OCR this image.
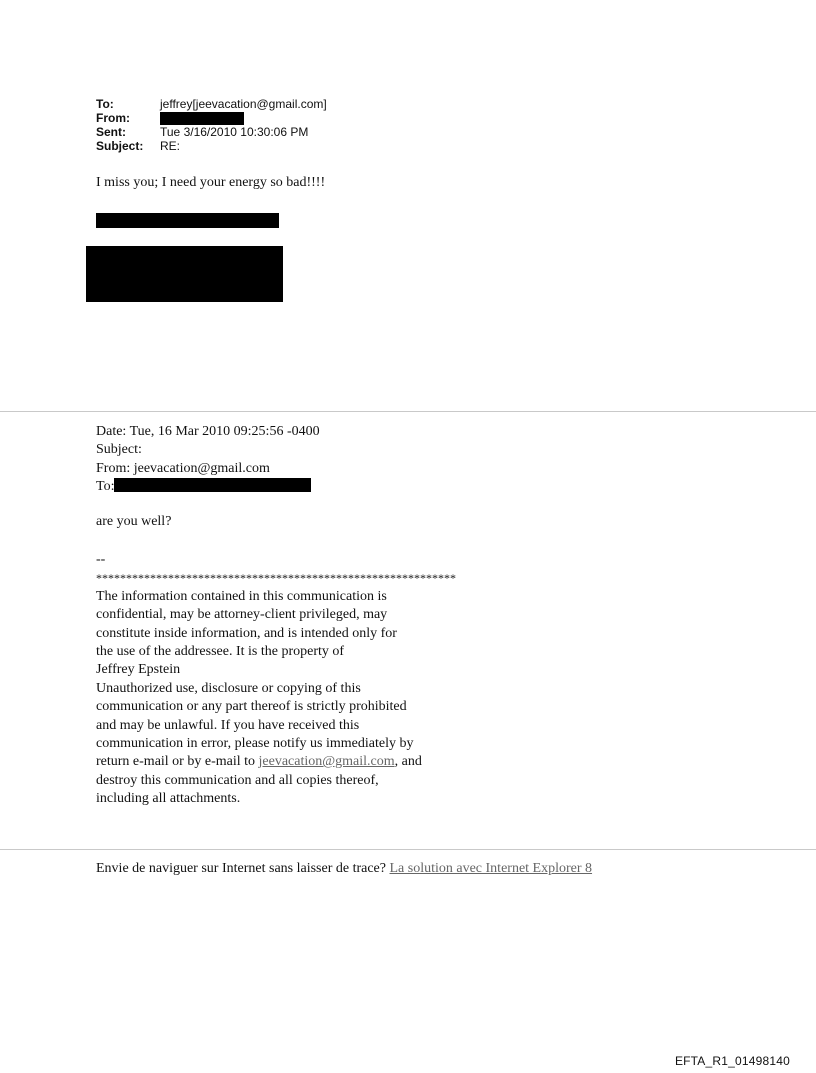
To:	jeffrey[jeevacation@gmail.com]
From:
Sent:	Tue 3/16/2010 10:30:06 PM
Subject:	RE:
I miss you; I need your energy so bad!!!!
Date: Tue, 16 Mar 2010 09:25:56 -0400
Subject:
From: jeevacation@gmail.com
To:
are you well?
--
************************************************************
The information contained in this communication is
confidential, may be attorney-client privileged, may
constitute inside information, and is intended only for
the use of the addressee. It is the property of
Jeffrey Epstein
Unauthorized use, disclosure or copying of this
communication or any part thereof is strictly prohibited
and may be unlawful. If you have received this
communication in error, please notify us immediately by
return e-mail or by e-mail to jeevacation@gmail.com, and
destroy this communication and all copies thereof,
including all attachments.
Envie de naviguer sur Internet sans laisser de trace? La solution avec Internet Explorer 8
EFTA_R1_01498140
